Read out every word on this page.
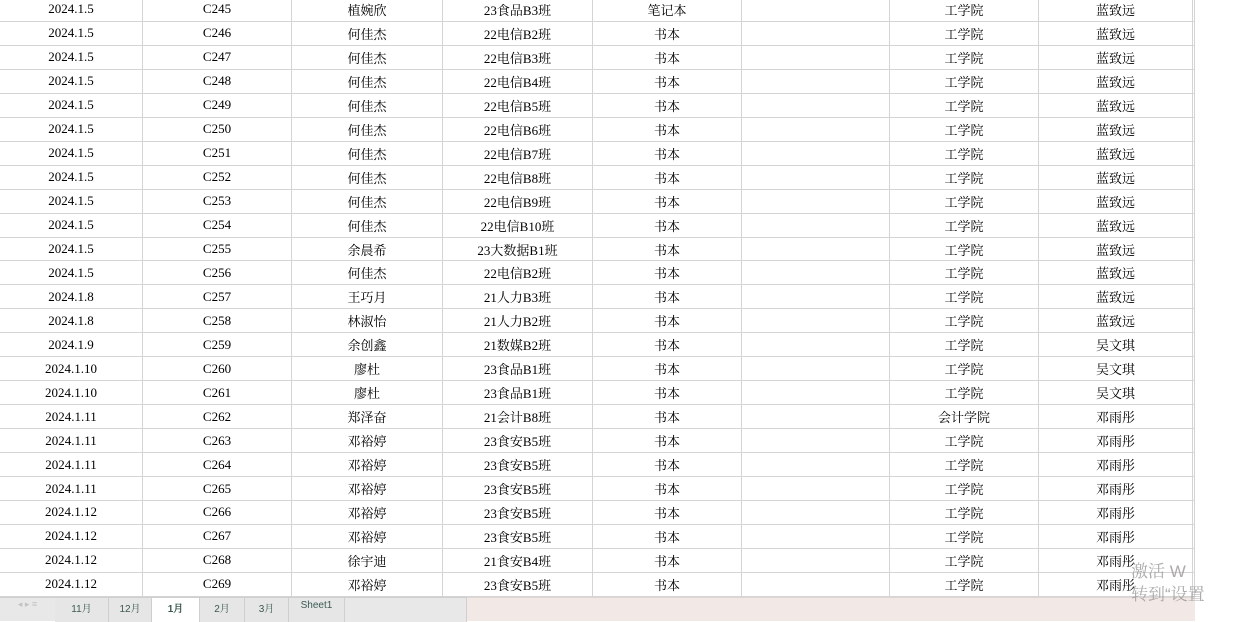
2024.1.5	C245	植婉欣	23食品B3班	笔记本	工学院	蓝致远
2024.1.5	C246	何佳杰	22电信B2班	书本	工学院	蓝致远
2024.1.5	C247	何佳杰	22电信B3班	书本	工学院	蓝致远
2024.1.5	C248	何佳杰	22电信B4班	书本	工学院	蓝致远
2024.1.5	C249	何佳杰	22电信B5班	书本	工学院	蓝致远
2024.1.5	C250	何佳杰	22电信B6班	书本	工学院	蓝致远
2024.1.5	C251	何佳杰	22电信B7班	书本	工学院	蓝致远
2024.1.5	C252	何佳杰	22电信B8班	书本	工学院	蓝致远
2024.1.5	C253	何佳杰	22电信B9班	书本	工学院	蓝致远
2024.1.5	C254	何佳杰	22电信B10班	书本	工学院	蓝致远
2024.1.5	C255	余晨希	23大数据B1班	书本	工学院	蓝致远
2024.1.5	C256	何佳杰	22电信B2班	书本	工学院	蓝致远
2024.1.8	C257	王巧月	21人力B3班	书本	工学院	蓝致远
2024.1.8	C258	林淑怡	21人力B2班	书本	工学院	蓝致远
2024.1.9	C259	余创鑫	21数媒B2班	书本	工学院	吴文琪
2024.1.10	C260	廖杜	23食品B1班	书本	工学院	吴文琪
2024.1.10	C261	廖杜	23食品B1班	书本	工学院	吴文琪
2024.1.11	C262	郑泽奋	21会计B8班	书本	会计学院	邓雨彤
2024.1.11	C263	邓裕婷	23食安B5班	书本	工学院	邓雨彤
2024.1.11	C264	邓裕婷	23食安B5班	书本	工学院	邓雨彤
2024.1.11	C265	邓裕婷	23食安B5班	书本	工学院	邓雨彤
2024.1.12	C266	邓裕婷	23食安B5班	书本	工学院	邓雨彤
2024.1.12	C267	邓裕婷	23食安B5班	书本	工学院	邓雨彤
2024.1.12	C268	徐宇迪	21食安B4班	书本	工学院	邓雨彤
2024.1.12	C269	邓裕婷	23食安B5班	书本	工学院	邓雨彤
◂ ▸ ≡	11月	12月	1月	2月	3月	Sheet1
激活 W
转到“设置
